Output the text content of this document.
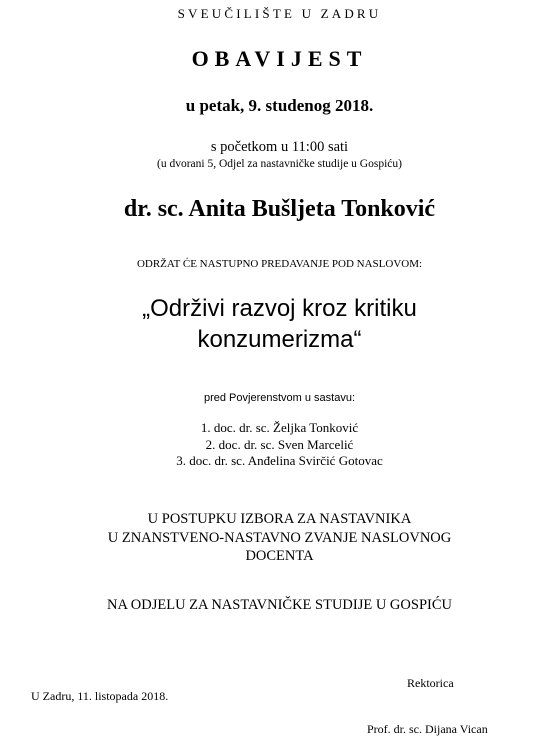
SVEUČILIŠTE U ZADRU
OBAVIJEST
u petak, 9. studenog 2018.
s početkom u 11:00 sati
(u dvorani 5, Odjel za nastavničke studije u Gospiću)
dr. sc. Anita Bušljeta Tonković
ODRŽAT ĆE NASTUPNO PREDAVANJE POD NASLOVOM:
„Održivi razvoj kroz kritiku
konzumerizma“
pred Povjerenstvom u sastavu:
1. doc. dr. sc. Željka Tonković
2. doc. dr. sc. Sven Marcelić
3. doc. dr. sc. Anđelina Svirčić Gotovac
U POSTUPKU IZBORA ZA NASTAVNIKA
U ZNANSTVENO-NASTAVNO ZVANJE NASLOVNOG
DOCENTA
NA ODJELU ZA NASTAVNIČKE STUDIJE U GOSPIĆU
U Zadru, 11. listopada 2018.
Rektorica
Prof. dr. sc. Dijana Vican
